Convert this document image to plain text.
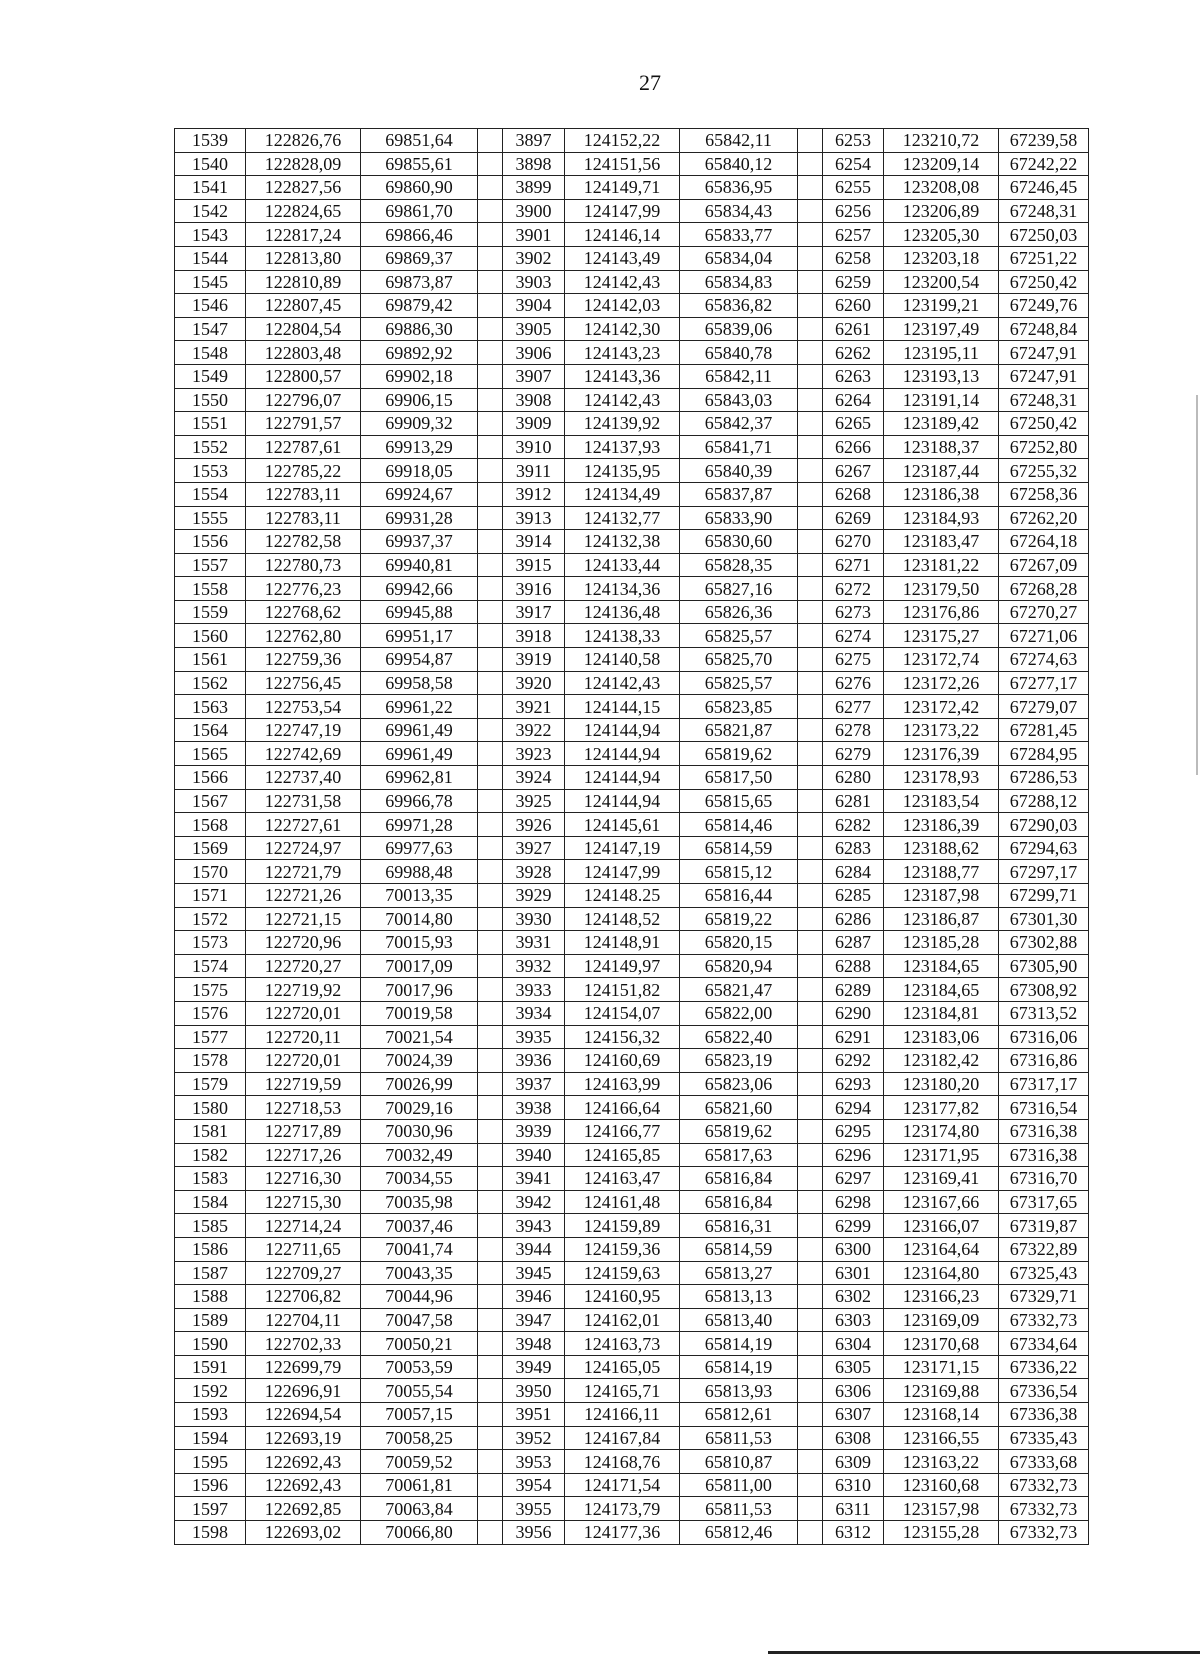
27
1539	122826,76	69851,64		3897	124152,22	65842,11		6253	123210,72	67239,58
1540	122828,09	69855,61		3898	124151,56	65840,12		6254	123209,14	67242,22
1541	122827,56	69860,90		3899	124149,71	65836,95		6255	123208,08	67246,45
1542	122824,65	69861,70		3900	124147,99	65834,43		6256	123206,89	67248,31
1543	122817,24	69866,46		3901	124146,14	65833,77		6257	123205,30	67250,03
1544	122813,80	69869,37		3902	124143,49	65834,04		6258	123203,18	67251,22
1545	122810,89	69873,87		3903	124142,43	65834,83		6259	123200,54	67250,42
1546	122807,45	69879,42		3904	124142,03	65836,82		6260	123199,21	67249,76
1547	122804,54	69886,30		3905	124142,30	65839,06		6261	123197,49	67248,84
1548	122803,48	69892,92		3906	124143,23	65840,78		6262	123195,11	67247,91
1549	122800,57	69902,18		3907	124143,36	65842,11		6263	123193,13	67247,91
1550	122796,07	69906,15		3908	124142,43	65843,03		6264	123191,14	67248,31
1551	122791,57	69909,32		3909	124139,92	65842,37		6265	123189,42	67250,42
1552	122787,61	69913,29		3910	124137,93	65841,71		6266	123188,37	67252,80
1553	122785,22	69918,05		3911	124135,95	65840,39		6267	123187,44	67255,32
1554	122783,11	69924,67		3912	124134,49	65837,87		6268	123186,38	67258,36
1555	122783,11	69931,28		3913	124132,77	65833,90		6269	123184,93	67262,20
1556	122782,58	69937,37		3914	124132,38	65830,60		6270	123183,47	67264,18
1557	122780,73	69940,81		3915	124133,44	65828,35		6271	123181,22	67267,09
1558	122776,23	69942,66		3916	124134,36	65827,16		6272	123179,50	67268,28
1559	122768,62	69945,88		3917	124136,48	65826,36		6273	123176,86	67270,27
1560	122762,80	69951,17		3918	124138,33	65825,57		6274	123175,27	67271,06
1561	122759,36	69954,87		3919	124140,58	65825,70		6275	123172,74	67274,63
1562	122756,45	69958,58		3920	124142,43	65825,57		6276	123172,26	67277,17
1563	122753,54	69961,22		3921	124144,15	65823,85		6277	123172,42	67279,07
1564	122747,19	69961,49		3922	124144,94	65821,87		6278	123173,22	67281,45
1565	122742,69	69961,49		3923	124144,94	65819,62		6279	123176,39	67284,95
1566	122737,40	69962,81		3924	124144,94	65817,50		6280	123178,93	67286,53
1567	122731,58	69966,78		3925	124144,94	65815,65		6281	123183,54	67288,12
1568	122727,61	69971,28		3926	124145,61	65814,46		6282	123186,39	67290,03
1569	122724,97	69977,63		3927	124147,19	65814,59		6283	123188,62	67294,63
1570	122721,79	69988,48		3928	124147,99	65815,12		6284	123188,77	67297,17
1571	122721,26	70013,35		3929	124148.25	65816,44		6285	123187,98	67299,71
1572	122721,15	70014,80		3930	124148,52	65819,22		6286	123186,87	67301,30
1573	122720,96	70015,93		3931	124148,91	65820,15		6287	123185,28	67302,88
1574	122720,27	70017,09		3932	124149,97	65820,94		6288	123184,65	67305,90
1575	122719,92	70017,96		3933	124151,82	65821,47		6289	123184,65	67308,92
1576	122720,01	70019,58		3934	124154,07	65822,00		6290	123184,81	67313,52
1577	122720,11	70021,54		3935	124156,32	65822,40		6291	123183,06	67316,06
1578	122720,01	70024,39		3936	124160,69	65823,19		6292	123182,42	67316,86
1579	122719,59	70026,99		3937	124163,99	65823,06		6293	123180,20	67317,17
1580	122718,53	70029,16		3938	124166,64	65821,60		6294	123177,82	67316,54
1581	122717,89	70030,96		3939	124166,77	65819,62		6295	123174,80	67316,38
1582	122717,26	70032,49		3940	124165,85	65817,63		6296	123171,95	67316,38
1583	122716,30	70034,55		3941	124163,47	65816,84		6297	123169,41	67316,70
1584	122715,30	70035,98		3942	124161,48	65816,84		6298	123167,66	67317,65
1585	122714,24	70037,46		3943	124159,89	65816,31		6299	123166,07	67319,87
1586	122711,65	70041,74		3944	124159,36	65814,59		6300	123164,64	67322,89
1587	122709,27	70043,35		3945	124159,63	65813,27		6301	123164,80	67325,43
1588	122706,82	70044,96		3946	124160,95	65813,13		6302	123166,23	67329,71
1589	122704,11	70047,58		3947	124162,01	65813,40		6303	123169,09	67332,73
1590	122702,33	70050,21		3948	124163,73	65814,19		6304	123170,68	67334,64
1591	122699,79	70053,59		3949	124165,05	65814,19		6305	123171,15	67336,22
1592	122696,91	70055,54		3950	124165,71	65813,93		6306	123169,88	67336,54
1593	122694,54	70057,15		3951	124166,11	65812,61		6307	123168,14	67336,38
1594	122693,19	70058,25		3952	124167,84	65811,53		6308	123166,55	67335,43
1595	122692,43	70059,52		3953	124168,76	65810,87		6309	123163,22	67333,68
1596	122692,43	70061,81		3954	124171,54	65811,00		6310	123160,68	67332,73
1597	122692,85	70063,84		3955	124173,79	65811,53		6311	123157,98	67332,73
1598	122693,02	70066,80		3956	124177,36	65812,46		6312	123155,28	67332,73
